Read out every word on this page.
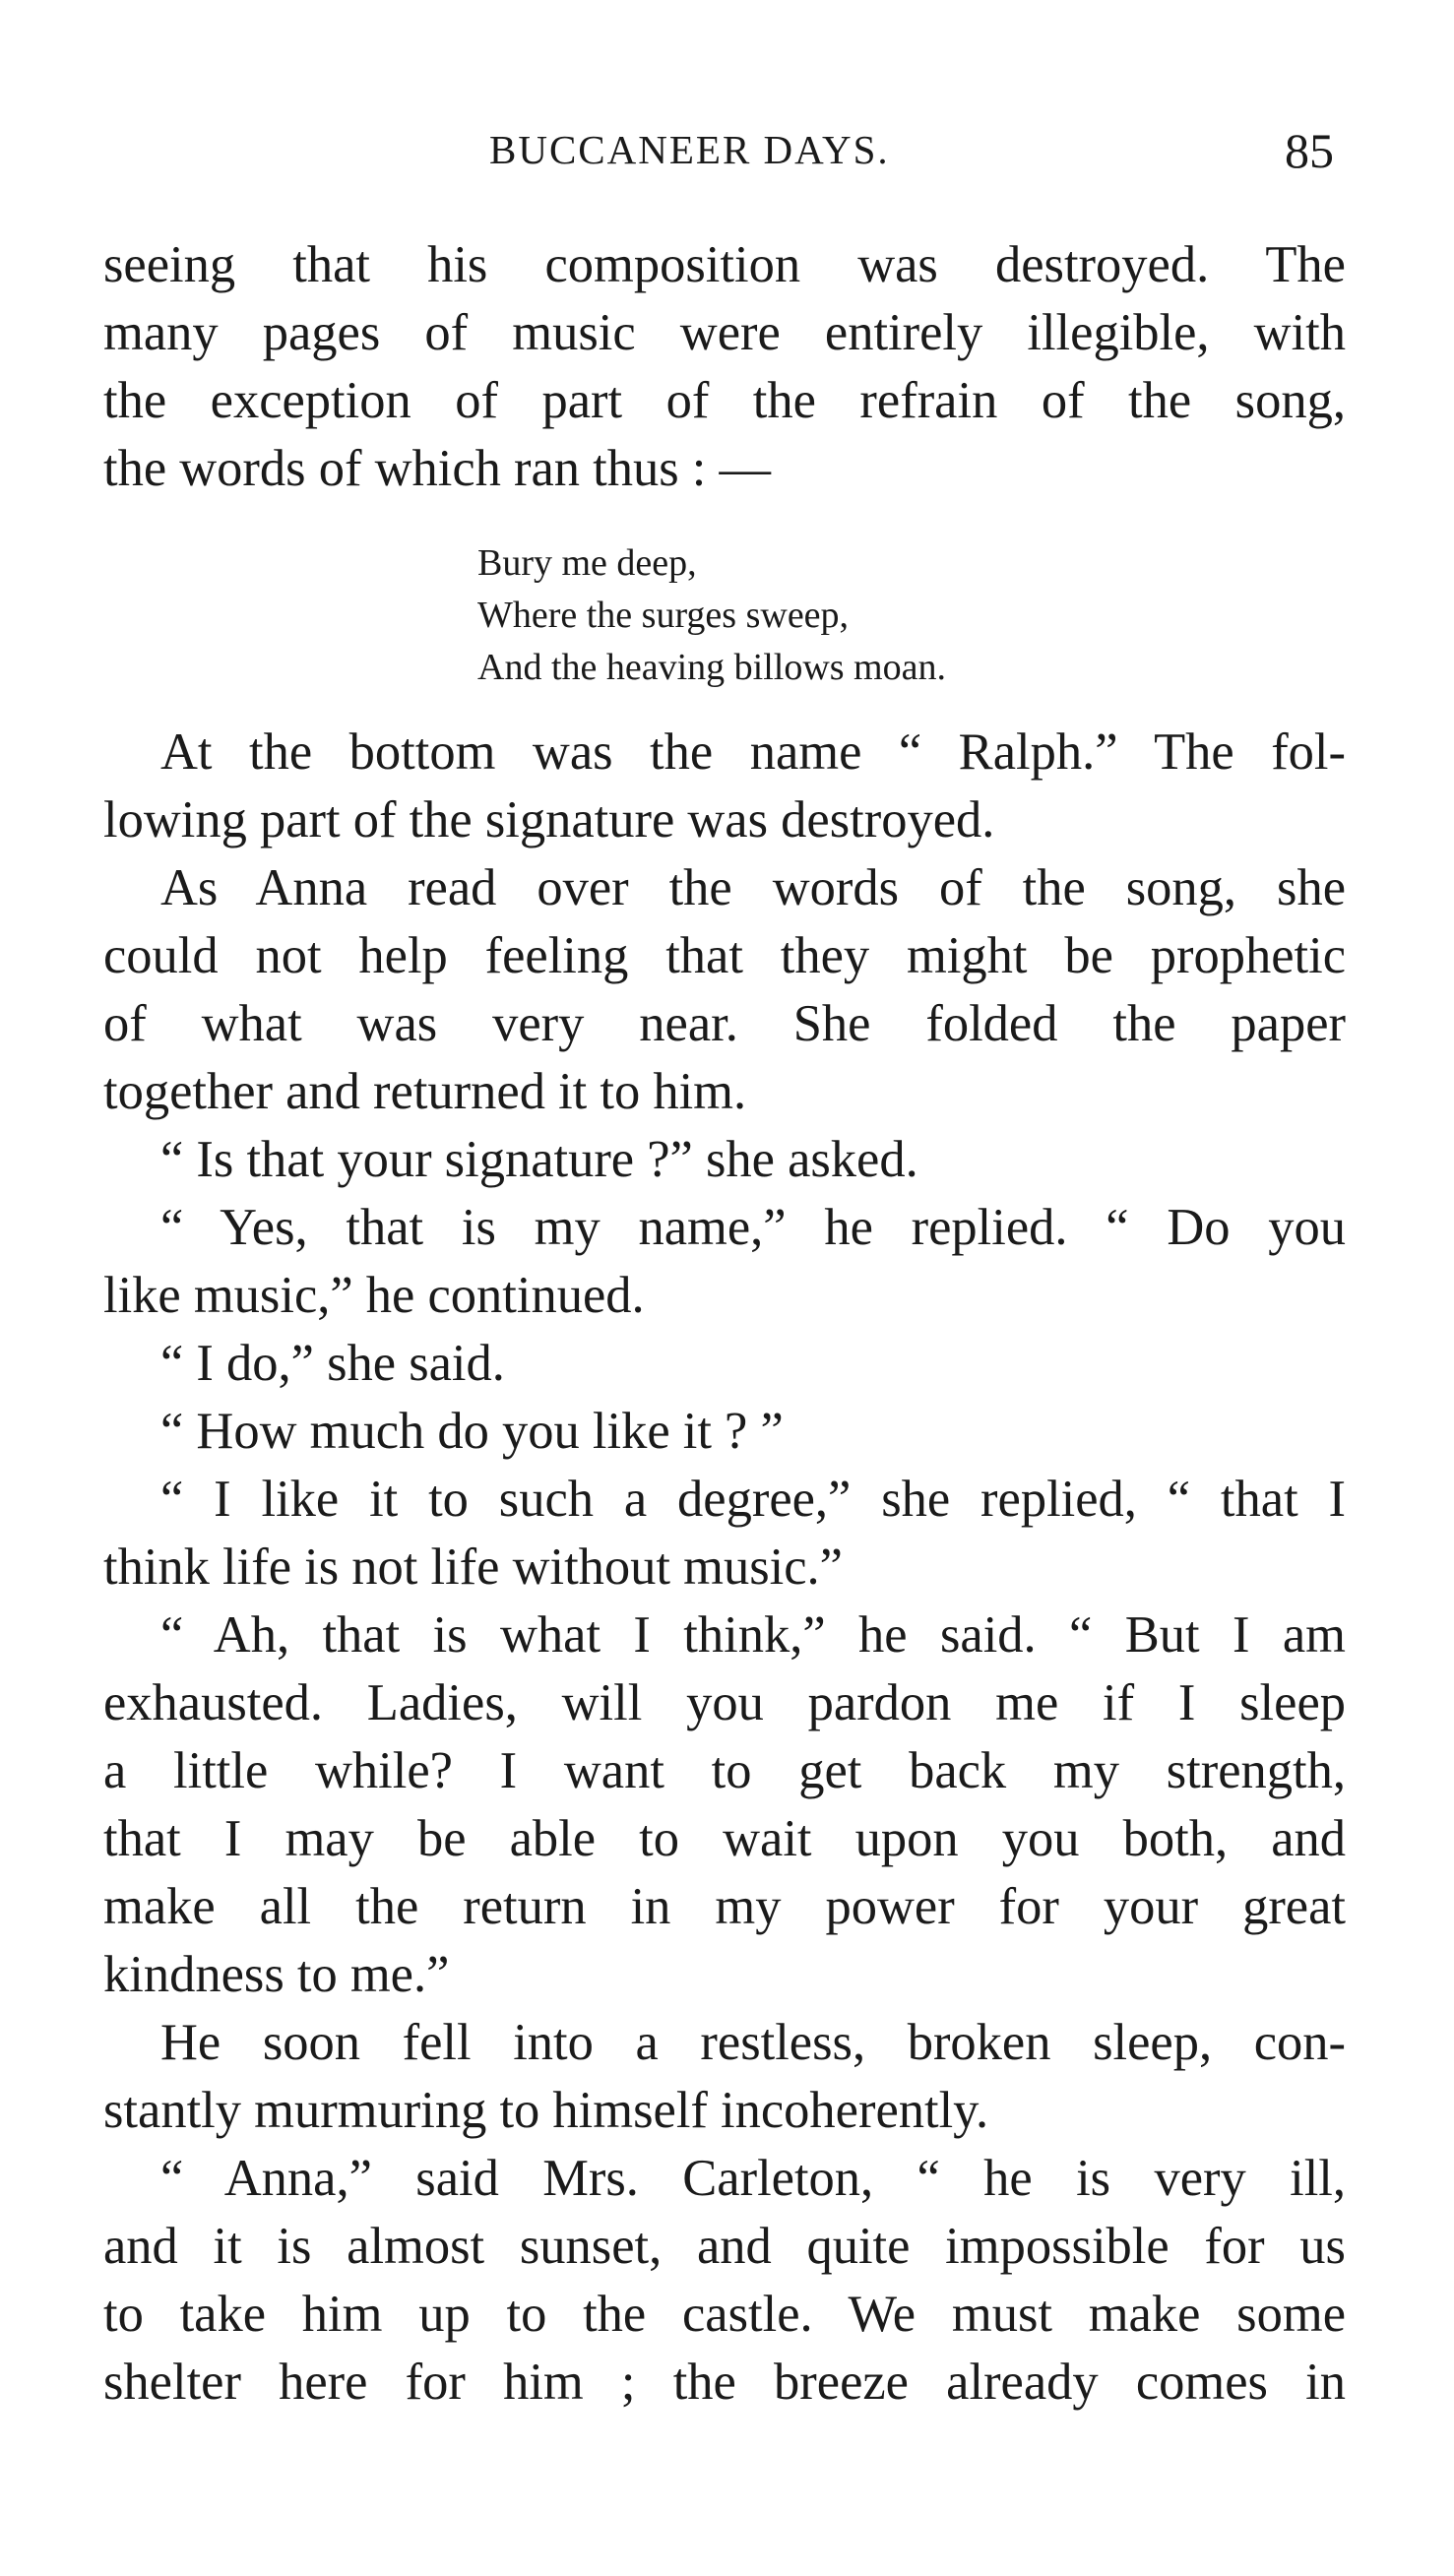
BUCCANEER DAYS.	85
seeing that his composition was destroyed. The
many pages of music were entirely illegible, with
the exception of part of the refrain of the song,
the words of which ran thus : —
Bury me deep,
Where the surges sweep,
And the heaving billows moan.
At the bottom was the name “ Ralph.” The fol-
lowing part of the signature was destroyed.
As Anna read over the words of the song, she
could not help feeling that they might be prophetic
of what was very near. She folded the paper
together and returned it to him.
“ Is that your signature ?” she asked.
“ Yes, that is my name,” he replied. “ Do you
like music,” he continued.
“ I do,” she said.
“ How much do you like it ? ”
“ I like it to such a degree,” she replied, “ that I
think life is not life without music.”
“ Ah, that is what I think,” he said. “ But I am
exhausted. Ladies, will you pardon me if I sleep
a little while? I want to get back my strength,
that I may be able to wait upon you both, and
make all the return in my power for your great
kindness to me.”
He soon fell into a restless, broken sleep, con-
stantly murmuring to himself incoherently.
“ Anna,” said Mrs. Carleton, “ he is very ill,
and it is almost sunset, and quite impossible for us
to take him up to the castle. We must make some
shelter here for him ; the breeze already comes in
